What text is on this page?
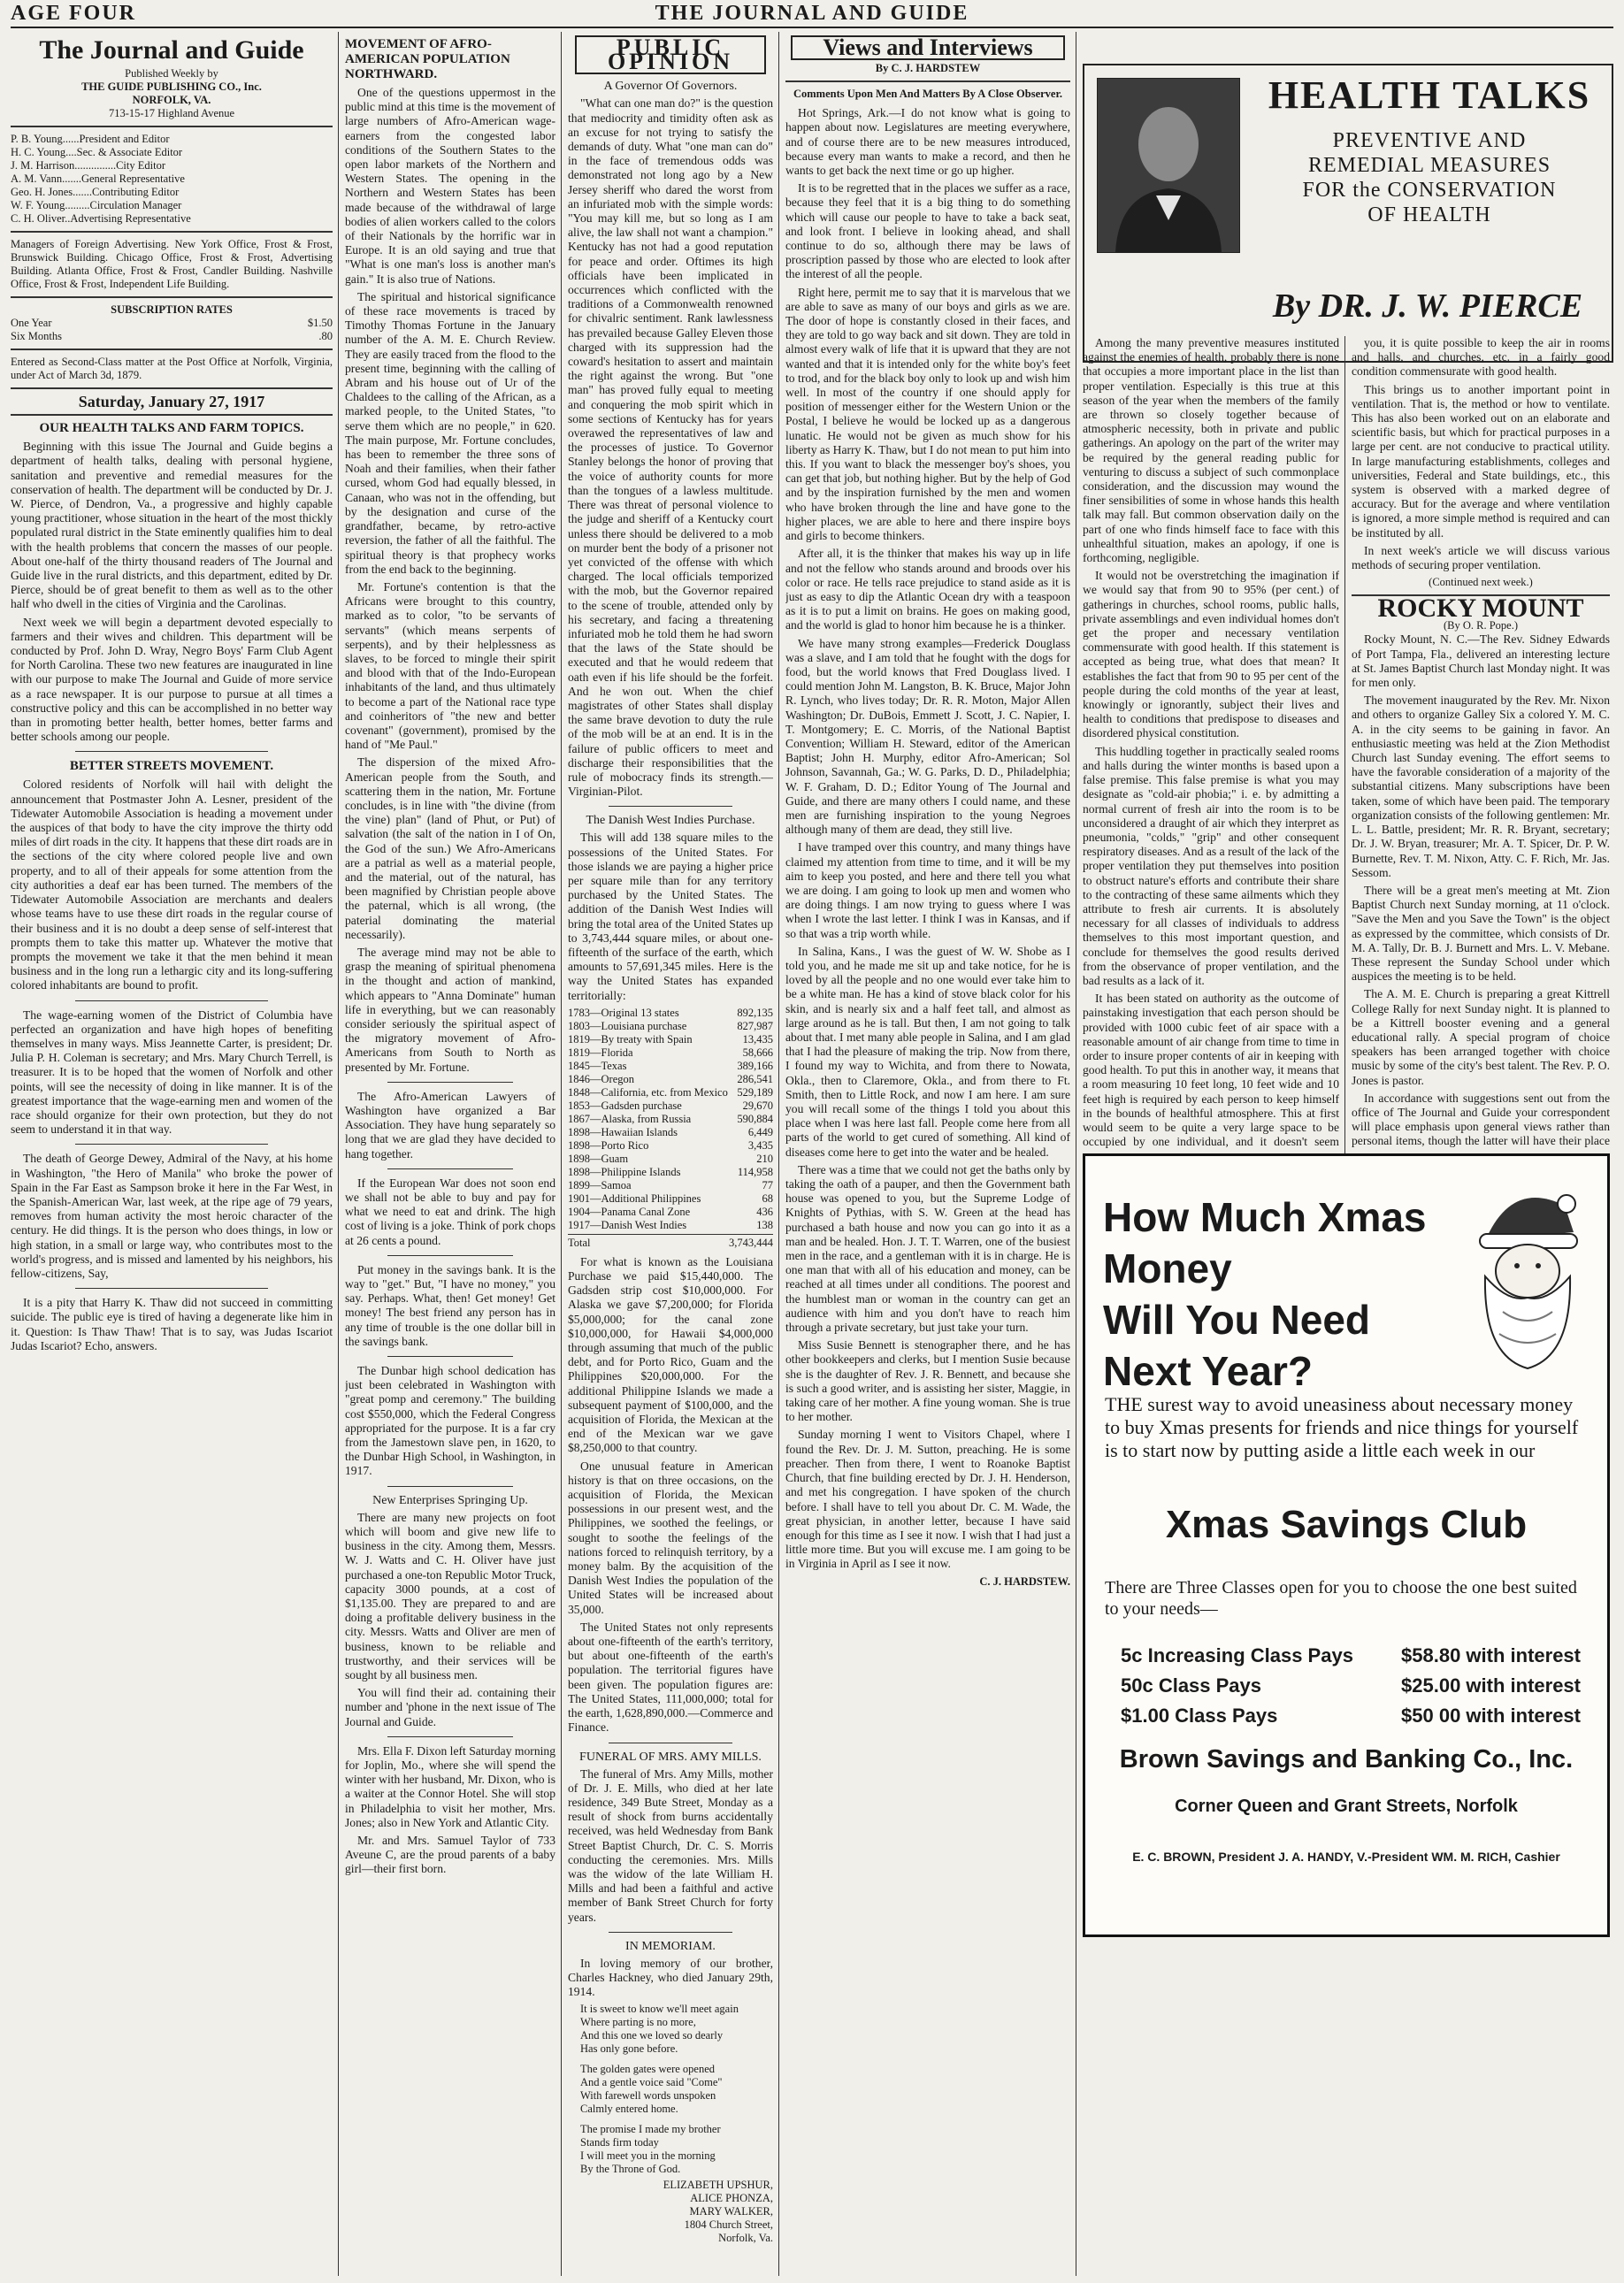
AGE FOUR	THE JOURNAL AND GUIDE
The Journal and Guide
Published Weekly by
THE GUIDE PUBLISHING CO., Inc.
NORFOLK, VA.
713-15-17 Highland Avenue
P. B. Young......President and Editor
H. C. Young....Sec. & Associate Editor
J. M. Harrison...............City Editor
A. M. Vann.......General Representative
Geo. H. Jones.......Contributing Editor
W. F. Young.........Circulation Manager
C. H. Oliver..Advertising Representative
Managers of Foreign Advertising. New York Office, Frost & Frost, Brunswick Building. Chicago Office, Frost & Frost, Advertising Building. Atlanta Office, Frost & Frost, Candler Building. Nashville Office, Frost & Frost, Independent Life Building.
SUBSCRIPTION RATES
One Year	$1.50
Six Months	.80
Entered as Second-Class matter at the Post Office at Norfolk, Virginia, under Act of March 3d, 1879.
Saturday, January 27, 1917
OUR HEALTH TALKS AND FARM TOPICS.

Beginning with this issue The Journal and Guide begins a department of health talks, dealing with personal hygiene, sanitation and preventive and remedial measures for the conservation of health. The department will be conducted by Dr. J. W. Pierce, of Dendron, Va., a progressive and highly capable young practitioner, whose situation in the heart of the most thickly populated rural district in the State eminently qualifies him to deal with the health problems that concern the masses of our people. About one-half of the thirty thousand readers of The Journal and Guide live in the rural districts, and this department, edited by Dr. Pierce, should be of great benefit to them as well as to the other half who dwell in the cities of Virginia and the Carolinas.

Next week we will begin a department devoted especially to farmers and their wives and children. This department will be conducted by Prof. John D. Wray, Negro Boys' Farm Club Agent for North Carolina. These two new features are inaugurated in line with our purpose to make The Journal and Guide of more service as a race newspaper. It is our purpose to pursue at all times a constructive policy and this can be accomplished in no better way than in promoting better health, better homes, better farms and better schools among our people.

BETTER STREETS MOVEMENT.

Colored residents of Norfolk will hail with delight the announcement that Postmaster John A. Lesner, president of the Tidewater Automobile Association is heading a movement under the auspices of that body to have the city improve the thirty odd miles of dirt roads in the city. It happens that these dirt roads are in the sections of the city where colored people live and own property, and to all of their appeals for some attention from the city authorities a deaf ear has been turned. The members of the Tidewater Automobile Association are merchants and dealers whose teams have to use these dirt roads in the regular course of their business and it is no doubt a deep sense of self-interest that prompts them to take this matter up. Whatever the motive that prompts the movement we take it that the men behind it mean business and in the long run a lethargic city and its long-suffering colored inhabitants are bound to profit.

The wage-earning women of the District of Columbia have perfected an organization and have high hopes of benefiting themselves in many ways. Miss Jeannette Carter, is president; Dr. Julia P. H. Coleman is secretary; and Mrs. Mary Church Terrell, is treasurer. It is to be hoped that the women of Norfolk and other points, will see the necessity of doing in like manner. It is of the greatest importance that the wage-earning men and women of the race should organize for their own protection, but they do not seem to understand it in that way.

The death of George Dewey, Admiral of the Navy, at his home in Washington, "the Hero of Manila" who broke the power of Spain in the Far East as Sampson broke it here in the Far West, in the Spanish-American War, last week, at the ripe age of 79 years, removes from human activity the most heroic character of the century. He did things. It is the person who does things, in low or high station, in a small or large way, who contributes most to the world's progress, and is missed and lamented by his neighbors, his fellow-citizens, Say,

It is a pity that Harry K. Thaw did not succeed in committing suicide. The public eye is tired of having a degenerate like him in it. Question: Is Thaw Thaw! That is to say, was Judas Iscariot Judas Iscariot? Echo, answers.

MOVEMENT OF AFRO-AMERICAN POPULATION NORTHWARD.

One of the questions uppermost in the public mind at this time is the movement of large numbers of Afro-American wage-earners from the congested labor conditions of the Southern States to the open labor markets of the Northern and Western States. The opening in the Northern and Western States has been made because of the withdrawal of large bodies of alien workers called to the colors of their Nationals by the horrific war in Europe. It is an old saying and true that "What is one man's loss is another man's gain." It is also true of Nations.

The spiritual and historical significance of these race movements is traced by Timothy Thomas Fortune in the January number of the A. M. E. Church Review. They are easily traced from the flood to the present time, beginning with the calling of Abram and his house out of Ur of the Chaldees to the calling of the African, as a marked people, to the United States, "to serve them which are no people," in 620. The main purpose, Mr. Fortune concludes, has been to remember the three sons of Noah and their families, when their father cursed, whom God had equally blessed, in Canaan, who was not in the offending, but by the designation and curse of the grandfather, became, by retro-active reversion, the father of all the faithful. The spiritual theory is that prophecy works from the end back to the beginning.

Mr. Fortune's contention is that the Africans were brought to this country, marked as to color, "to be servants of servants" (which means serpents of serpents), and by their helplessness as slaves, to be forced to mingle their spirit and blood with that of the Indo-European inhabitants of the land, and thus ultimately to become a part of the National race type and coinheritors of "the new and better covenant" (government), promised by the hand of "Me Paul."

The dispersion of the mixed Afro-American people from the South, and scattering them in the nation, Mr. Fortune concludes, is in line with "the divine (from the vine) plan" (land of Phut, or Put) of salvation (the salt of the nation in I of On, the God of the sun.) We Afro-Americans are a patrial as well as a material people, and the material, out of the natural, has been magnified by Christian people above the paternal, which is all wrong, (the paterial dominating the material necessarily).

The average mind may not be able to grasp the meaning of spiritual phenomena in the thought and action of mankind, which appears to "Anna Dominate" human life in everything, but we can reasonably consider seriously the spiritual aspect of the migratory movement of Afro-Americans from South to North as presented by Mr. Fortune.

The Afro-American Lawyers of Washington have organized a Bar Association. They have hung separately so long that we are glad they have decided to hang together.

If the European War does not soon end we shall not be able to buy and pay for what we need to eat and drink. The high cost of living is a joke. Think of pork chops at 26 cents a pound.

Put money in the savings bank. It is the way to "get." But, "I have no money," you say. Perhaps. What, then! Get money! Get money! The best friend any person has in any time of trouble is the one dollar bill in the savings bank.

The Dunbar high school dedication has just been celebrated in Washington with "great pomp and ceremony." The building cost $550,000, which the Federal Congress appropriated for the purpose. It is a far cry from the Jamestown slave pen, in 1620, to the Dunbar High School, in Washington, in 1917.

New Enterprises Springing Up.

There are many new projects on foot which will boom and give new life to business in the city. Among them, Messrs. W. J. Watts and C. H. Oliver have just purchased a one-ton Republic Motor Truck, capacity 3000 pounds, at a cost of $1,135.00. They are prepared to and are doing a profitable delivery business in the city. Messrs. Watts and Oliver are men of business, known to be reliable and trustworthy, and their services will be sought by all business men.

You will find their ad. containing their number and 'phone in the next issue of The Journal and Guide.

Mrs. Ella F. Dixon left Saturday morning for Joplin, Mo., where she will spend the winter with her husband, Mr. Dixon, who is a waiter at the Connor Hotel. She will stop in Philadelphia to visit her mother, Mrs. Jones; also in New York and Atlantic City.

Mr. and Mrs. Samuel Taylor of 733 Aveune C, are the proud parents of a baby girl—their first born.

PUBLIC OPINION
A Governor Of Governors.

"What can one man do?" is the question that mediocrity and timidity often ask as an excuse for not trying to satisfy the demands of duty. What "one man can do" in the face of tremendous odds was demonstrated not long ago by a New Jersey sheriff who dared the worst from an infuriated mob with the simple words: "You may kill me, but so long as I am alive, the law shall not want a champion." Kentucky has not had a good reputation for peace and order. Oftimes its high officials have been implicated in occurrences which conflicted with the traditions of a Commonwealth renowned for chivalric sentiment. Rank lawlessness has prevailed because Galley Eleven those charged with its suppression had the coward's hesitation to assert and maintain the right against the wrong. But "one man" has proved fully equal to meeting and conquering the mob spirit which in some sections of Kentucky has for years overawed the representatives of law and the processes of justice. To Governor Stanley belongs the honor of proving that the voice of authority counts for more than the tongues of a lawless multitude. There was threat of personal violence to the judge and sheriff of a Kentucky court unless there should be delivered to a mob on murder bent the body of a prisoner not yet convicted of the offense with which charged. The local officials temporized with the mob, but the Governor repaired to the scene of trouble, attended only by his secretary, and facing a threatening infuriated mob he told them he had sworn that the laws of the State should be executed and that he would redeem that oath even if his life should be the forfeit. And he won out. When the chief magistrates of other States shall display the same brave devotion to duty the rule of the mob will be at an end. It is in the failure of public officers to meet and discharge their responsibilities that the rule of mobocracy finds its strength.—Virginian-Pilot.

The Danish West Indies Purchase.

This will add 138 square miles to the possessions of the United States. For those islands we are paying a higher price per square mile than for any territory purchased by the United States. The addition of the Danish West Indies will bring the total area of the United States up to 3,743,444 square miles, or about one-fifteenth of the surface of the earth, which amounts to 57,691,345 miles. Here is the way the United States has expanded territorially:

1783—Original 13 states	892,135
1803—Louisiana purchase	827,987
1819—By treaty with Spain	13,435
1819—Florida	58,666
1845—Texas	389,166
1846—Oregon	286,541
1848—California, etc. from Mexico 529,189
1853—Gadsden purchase	29,670
1867—Alaska, from Russia	590,884
1898—Hawaiian Islands	6,449
1898—Porto Rico	3,435
1898—Guam	210
1898—Philippine Islands	114,958
1899—Samoa	77
1901—Additional Philippines	68
1904—Panama Canal Zone	436
1917—Danish West Indies	138
Total	3,743,444

For what is known as the Louisiana Purchase we paid $15,440,000. The Gadsden strip cost $10,000,000. For Alaska we gave $7,200,000; for Florida $5,000,000; for the canal zone $10,000,000, for Hawaii $4,000,000 through assuming that much of the public debt, and for Porto Rico, Guam and the Philippines $20,000,000. For the additional Philippine Islands we made a subsequent payment of $100,000, and the acquisition of Florida, the Mexican at the end of the Mexican war we gave $8,250,000 to that country.

One unusual feature in American history is that on three occasions, on the acquisition of Florida, the Mexican possessions in our present west, and the Philippines, we soothed the feelings, or sought to soothe the feelings of the nations forced to relinquish territory, by a money balm. By the acquisition of the Danish West Indies the population of the United States will be increased about 35,000.

The United States not only represents about one-fifteenth of the earth's territory, but about one-fifteenth of the earth's population. The territorial figures have been given. The population figures are: The United States, 111,000,000; total for the earth, 1,628,890,000.—Commerce and Finance.

FUNERAL OF MRS. AMY MILLS.

The funeral of Mrs. Amy Mills, mother of Dr. J. E. Mills, who died at her late residence, 349 Bute Street, Monday as a result of shock from burns accidentally received, was held Wednesday from Bank Street Baptist Church, Dr. C. S. Morris conducting the ceremonies. Mrs. Mills was the widow of the late William H. Mills and had been a faithful and active member of Bank Street Church for forty years.

IN MEMORIAM.

In loving memory of our brother, Charles Hackney, who died January 29th, 1914.

It is sweet to know we'll meet again
Where parting is no more,
And this one we loved so dearly
Has only gone before.
The golden gates were opened
And a gentle voice said "Come"
With farewell words unspoken
Calmly entered home.
The promise I made my brother
Stands firm today
I will meet you in the morning
By the Throne of God.
ELIZABETH UPSHUR,
ALICE PHONZA,
MARY WALKER,
1804 Church Street,
Norfolk, Va.
Views and Interviews
By C. J. HARDSTEW
Comments Upon Men And Matters By A Close Observer.

Hot Springs, Ark.—I do not know what is going to happen about now. Legislatures are meeting everywhere, and of course there are to be new measures introduced, because every man wants to make a record, and then he wants to get back the next time or go up higher.

It is to be regretted that in the places we suffer as a race, because they feel that it is a big thing to do something which will cause our people to have to take a back seat, and look front. I believe in looking ahead, and shall continue to do so, although there may be laws of proscription passed by those who are elected to look after the interest of all the people.

Right here, permit me to say that it is marvelous that we are able to save as many of our boys and girls as we are. The door of hope is constantly closed in their faces, and they are told to go way back and sit down. They are told in almost every walk of life that it is upward that they are not wanted and that it is intended only for the white boy's feet to trod, and for the black boy only to look up and wish him well. In most of the country if one should apply for position of messenger either for the Western Union or the Postal, I believe he would be locked up as a dangerous lunatic. He would not be given as much show for his liberty as Harry K. Thaw, but I do not mean to put him into this. If you want to black the messenger boy's shoes, you can get that job, but nothing higher. But by the help of God and by the inspiration furnished by the men and women who have broken through the line and have gone to the higher places, we are able to here and there inspire boys and girls to become thinkers.

After all, it is the thinker that makes his way up in life and not the fellow who stands around and broods over his color or race. He tells race prejudice to stand aside as it is just as easy to dip the Atlantic Ocean dry with a teaspoon as it is to put a limit on brains. He goes on making good, and the world is glad to honor him because he is a thinker.

We have many strong examples—Frederick Douglass was a slave, and I am told that he fought with the dogs for food, but the world knows that Fred Douglass lived. I could mention John M. Langston, B. K. Bruce, Major John R. Lynch, who lives today; Dr. R. R. Moton, Major Allen Washington; Dr. DuBois, Emmett J. Scott, J. C. Napier, I. T. Montgomery; E. C. Morris, of the National Baptist Convention; William H. Steward, editor of the American Baptist; John H. Murphy, editor Afro-American; Sol Johnson, Savannah, Ga.; W. G. Parks, D. D., Philadelphia; W. F. Graham, D. D.; Editor Young of The Journal and Guide, and there are many others I could name, and these men are furnishing inspiration to the young Negroes although many of them are dead, they still live.

I have tramped over this country, and many things have claimed my attention from time to time, and it will be my aim to keep you posted, and here and there tell you what we are doing. I am going to look up men and women who are doing things. I am now trying to guess where I was when I wrote the last letter. I think I was in Kansas, and if so that was a trip worth while.

In Salina, Kans., I was the guest of W. W. Shobe as I told you, and he made me sit up and take notice, for he is loved by all the people and no one would ever take him to be a white man. He has a kind of stove black color for his skin, and is nearly six and a half feet tall, and almost as large around as he is tall. But then, I am not going to talk about that. I met many able people in Salina, and I am glad that I had the pleasure of making the trip. Now from there, I found my way to Wichita, and from there to Nowata, Okla., then to Claremore, Okla., and from there to Ft. Smith, then to Little Rock, and now I am here. I am sure you will recall some of the things I told you about this place when I was here last fall. People come here from all parts of the world to get cured of something. All kind of diseases come here to get into the water and be healed.

There was a time that we could not get the baths only by taking the oath of a pauper, and then the Government bath house was opened to you, but the Supreme Lodge of Knights of Pythias, with S. W. Green at the head has purchased a bath house and now you can go into it as a man and be healed. Hon. J. T. T. Warren, one of the busiest men in the race, and a gentleman with it is in charge. He is one man that with all of his education and money, can be reached at all times under all conditions. The poorest and the humblest man or woman in the country can get an audience with him and you don't have to reach him through a private secretary, but just take your turn.

Miss Susie Bennett is stenographer there, and he has other bookkeepers and clerks, but I mention Susie because she is the daughter of Rev. J. R. Bennett, and because she is such a good writer, and is assisting her sister, Maggie, in taking care of her mother. A fine young woman. She is true to her mother.

Sunday morning I went to Visitors Chapel, where I found the Rev. Dr. J. M. Sutton, preaching. He is some preacher. Then from there, I went to Roanoke Baptist Church, that fine building erected by Dr. J. H. Henderson, and met his congregation. I have spoken of the church before. I shall have to tell you about Dr. C. M. Wade, the great physician, in another letter, because I have said enough for this time as I see it now. I wish that I had just a little more time. But you will excuse me. I am going to be in Virginia in April as I see it now.

C. J. HARDSTEW.
HEALTH TALKS
PREVENTIVE AND REMEDIAL MEASURES FOR the CONSERVATION OF HEALTH
By DR. J. W. PIERCE

Among the many preventive measures instituted against the enemies of health, probably there is none that occupies a more important place in the list than proper ventilation. Especially is this true at this season of the year when the members of the family are thrown so closely together because of atmospheric necessity, both in private and public gatherings. An apology on the part of the writer may be required by the general reading public for venturing to discuss a subject of such commonplace consideration, and the discussion may wound the finer sensibilities of some in whose hands this health talk may fall. But common observation daily on the part of one who finds himself face to face with this unhealthful situation, makes an apology, if one is forthcoming, negligible.

It would not be overstretching the imagination if we would say that from 90 to 95% (per cent.) of gatherings in churches, school rooms, public halls, private assemblings and even individual homes don't get the proper and necessary ventilation commensurate with good health. If this statement is accepted as being true, what does that mean? It establishes the fact that from 90 to 95 per cent of the people during the cold months of the year at least, knowingly or ignorantly, subject their lives and health to conditions that predispose to diseases and disordered physical constitution.

This huddling together in practically sealed rooms and halls during the winter months is based upon a false premise. This false premise is what you may designate as "cold-air phobia;" i. e. by admitting a normal current of fresh air into the room is to be unconsidered a draught of air which they interpret as pneumonia, "colds," "grip" and other consequent respiratory diseases. And as a result of the lack of the proper ventilation they put themselves into position to obstruct nature's efforts and contribute their share to the contracting of these same ailments which they attribute to fresh air currents. It is absolutely necessary for all classes of individuals to address themselves to this most important question, and conclude for themselves the good results derived from the observance of proper ventilation, and the bad results as a lack of it.

It has been stated on authority as the outcome of painstaking investigation that each person should be provided with 1000 cubic feet of air space with a reasonable amount of air change from time to time in order to insure proper contents of air in keeping with good health. To put this in another way, it means that a room measuring 10 feet long, 10 feet wide and 10 feet high is required by each person to keep himself in the bounds of healthful atmosphere. This at first would seem to be quite a very large space to be occupied by one individual, and it doesn't seem

you, it is quite possible to keep the air in rooms and halls, and churches, etc. in a fairly good condition commensurate with good health.

This brings us to another important point in ventilation. That is, the method or how to ventilate. This has also been worked out on an elaborate and scientific basis, but which for practical purposes in a large per cent. are not conducive to practical utility. In large manufacturing establishments, colleges and universities, Federal and State buildings, etc., this system is observed with a marked degree of accuracy. But for the average and where ventilation is ignored, a more simple method is required and can be instituted by all.

In next week's article we will discuss various methods of securing proper ventilation.

(Continued next week.)
ROCKY MOUNT
(By O. R. Pope.)

Rocky Mount, N. C.—The Rev. Sidney Edwards of Port Tampa, Fla., delivered an interesting lecture at St. James Baptist Church last Monday night. It was for men only.

The movement inaugurated by the Rev. Mr. Nixon and others to organize Galley Six a colored Y. M. C. A. in the city seems to be gaining in favor. An enthusiastic meeting was held at the Zion Methodist Church last Sunday evening. The effort seems to have the favorable consideration of a majority of the substantial citizens. Many subscriptions have been taken, some of which have been paid. The temporary organization consists of the following gentlemen: Mr. L. L. Battle, president; Mr. R. R. Bryant, secretary; Dr. J. W. Bryan, treasurer; Mr. A. T. Spicer, Dr. P. W. Burnette, Rev. T. M. Nixon, Atty. C. F. Rich, Mr. Jas. Sessom.

There will be a great men's meeting at Mt. Zion Baptist Church next Sunday morning, at 11 o'clock. "Save the Men and you Save the Town" is the object as expressed by the committee, which consists of Dr. M. A. Tally, Dr. B. J. Burnett and Mrs. L. V. Mebane. These represent the Sunday School under which auspices the meeting is to be held.

The A. M. E. Church is preparing a great Kittrell College Rally for next Sunday night. It is planned to be a Kittrell booster evening and a general educational rally. A special program of choice speakers has been arranged together with choice music by some of the city's best talent. The Rev. P. O. Jones is pastor.

In accordance with suggestions sent out from the office of The Journal and Guide your correspondent will place emphasis upon general views rather than personal items, though the latter will have their place

How Much Xmas Money
Will You Need
Next Year?
THE surest way to avoid uneasiness about necessary money to buy Xmas presents for friends and nice things for yourself is to start now by putting aside a little each week in our
Xmas Savings Club
There are Three Classes open for you to choose the one best suited to your needs—
5c Increasing Class Pays $58.80 with interest
50c Class Pays	$25.00 with interest
$1.00 Class Pays	$50 00 with interest
Brown Savings and Banking Co., Inc.
Corner Queen and Grant Streets, Norfolk
E. C. BROWN, President J. A. HANDY, V.-President WM. M. RICH, Cashier
